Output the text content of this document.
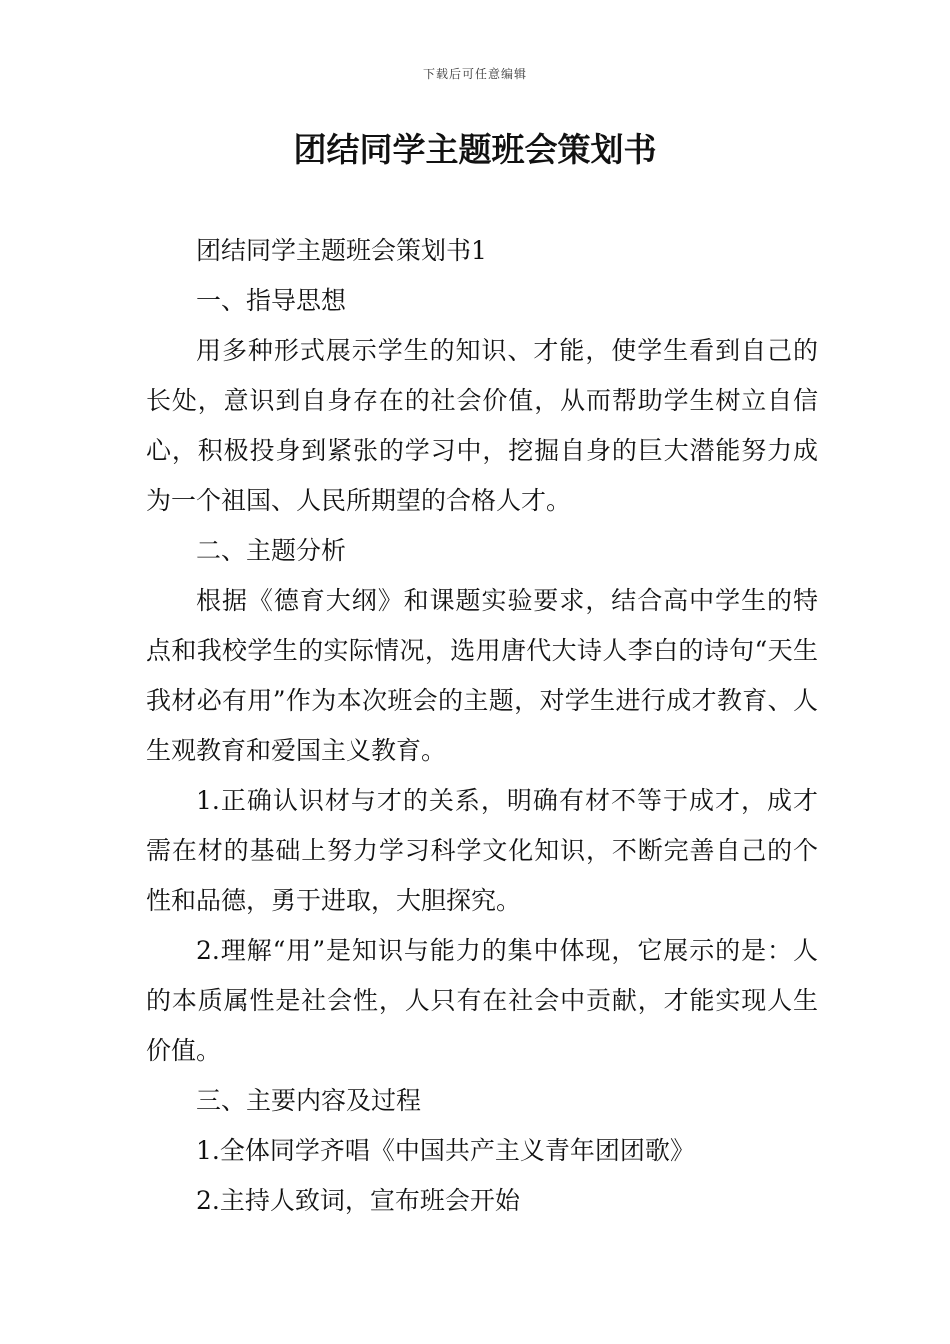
下载后可任意编辑
团结同学主题班会策划书

团结同学主题班会策划书1

一、指导思想

用多种形式展示学生的知识、才能，使学生看到自己的长处，意识到自身存在的社会价值，从而帮助学生树立自信心，积极投身到紧张的学习中，挖掘自身的巨大潜能努力成为一个祖国、人民所期望的合格人才。

二、主题分析

根据《德育大纲》和课题实验要求，结合高中学生的特点和我校学生的实际情况，选用唐代大诗人李白的诗句“天生我材必有用”作为本次班会的主题，对学生进行成才教育、人生观教育和爱国主义教育。

1.正确认识材与才的关系，明确有材不等于成才，成才需在材的基础上努力学习科学文化知识，不断完善自己的个性和品德，勇于进取，大胆探究。

2.理解“用”是知识与能力的集中体现，它展示的是：人的本质属性是社会性，人只有在社会中贡献，才能实现人生价值。

三、主要内容及过程

1.全体同学齐唱《中国共产主义青年团团歌》

2.主持人致词，宣布班会开始
